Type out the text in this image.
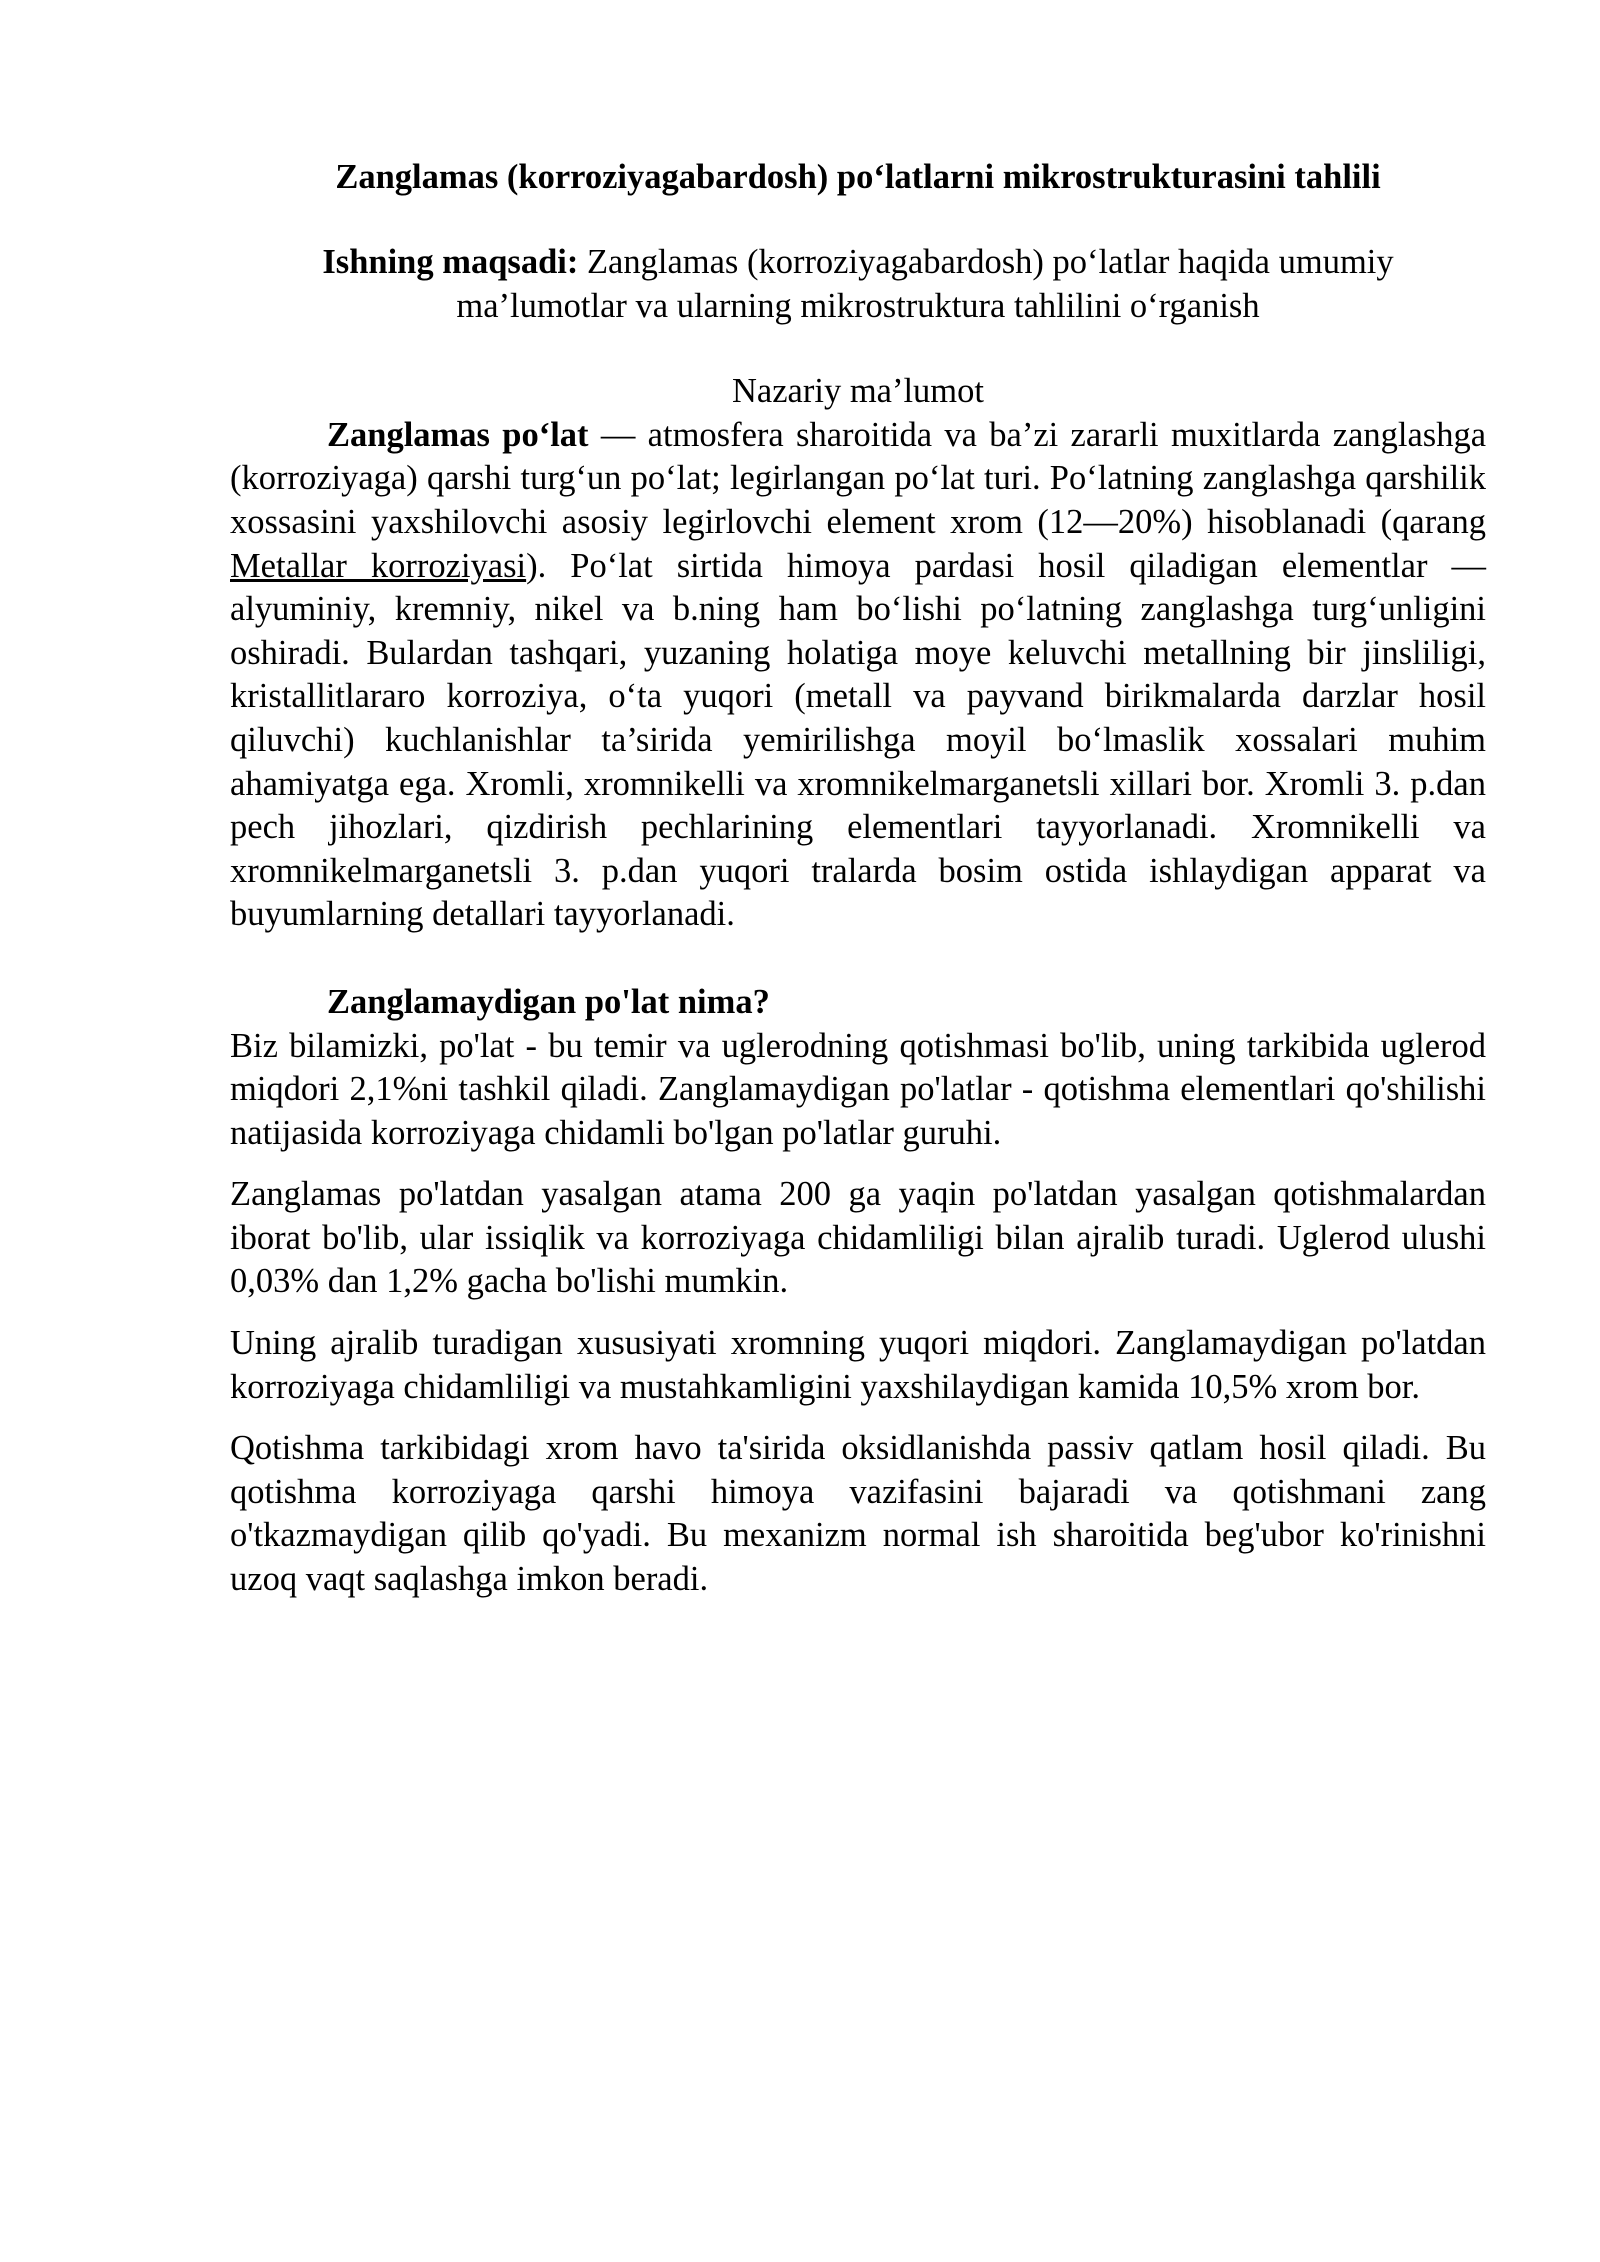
Zanglamas (korroziyagabardosh) po‘latlarni mikrostrukturasini tahlili
Ishning maqsadi: Zanglamas (korroziyagabardosh) po‘latlar haqida umumiy ma’lumotlar va ularning mikrostruktura tahlilini o‘rganish
Nazariy ma’lumot

Zanglamas po‘lat — atmosfera sharoitida va ba’zi zararli muxitlarda zanglashga (korroziyaga) qarshi turg‘un po‘lat; legirlangan po‘lat turi. Po‘latning zanglashga qarshilik xossasini yaxshilovchi asosiy legirlovchi element xrom (12—20%) hisoblanadi (qarang Metallar korroziyasi). Po‘lat sirtida himoya pardasi hosil qiladigan elementlar — alyuminiy, kremniy, nikel va b.ning ham bo‘lishi po‘latning zanglashga turg‘unligini oshiradi. Bulardan tashqari, yuzaning holatiga moye keluvchi metallning bir jinsliligi, kristallitlararo korroziya, o‘ta yuqori (metall va payvand birikmalarda darzlar hosil qiluvchi) kuchlanishlar ta’sirida yemirilishga moyil bo‘lmaslik xossalari muhim ahamiyatga ega. Xromli, xromnikelli va xromnikelmarganetsli xillari bor. Xromli 3. p.dan pech jihozlari, qizdirish pechlarining elementlari tayyorlanadi. Xromnikelli va xromnikelmarganetsli 3. p.dan yuqori tralarda bosim ostida ishlaydigan apparat va buyumlarning detallari tayyorlanadi.

Zanglamaydigan po'lat nima?

Biz bilamizki, po'lat - bu temir va uglerodning qotishmasi bo'lib, uning tarkibida uglerod miqdori 2,1%ni tashkil qiladi. Zanglamaydigan po'latlar - qotishma elementlari qo'shilishi natijasida korroziyaga chidamli bo'lgan po'latlar guruhi.

Zanglamas po'latdan yasalgan atama 200 ga yaqin po'latdan yasalgan qotishmalardan iborat bo'lib, ular issiqlik va korroziyaga chidamliligi bilan ajralib turadi. Uglerod ulushi 0,03% dan 1,2% gacha bo'lishi mumkin.

Uning ajralib turadigan xususiyati xromning yuqori miqdori. Zanglamaydigan po'latdan korroziyaga chidamliligi va mustahkamligini yaxshilaydigan kamida 10,5% xrom bor.

Qotishma tarkibidagi xrom havo ta'sirida oksidlanishda passiv qatlam hosil qiladi. Bu qotishma korroziyaga qarshi himoya vazifasini bajaradi va qotishmani zang o'tkazmaydigan qilib qo'yadi. Bu mexanizm normal ish sharoitida beg'ubor ko'rinishni uzoq vaqt saqlashga imkon beradi.
